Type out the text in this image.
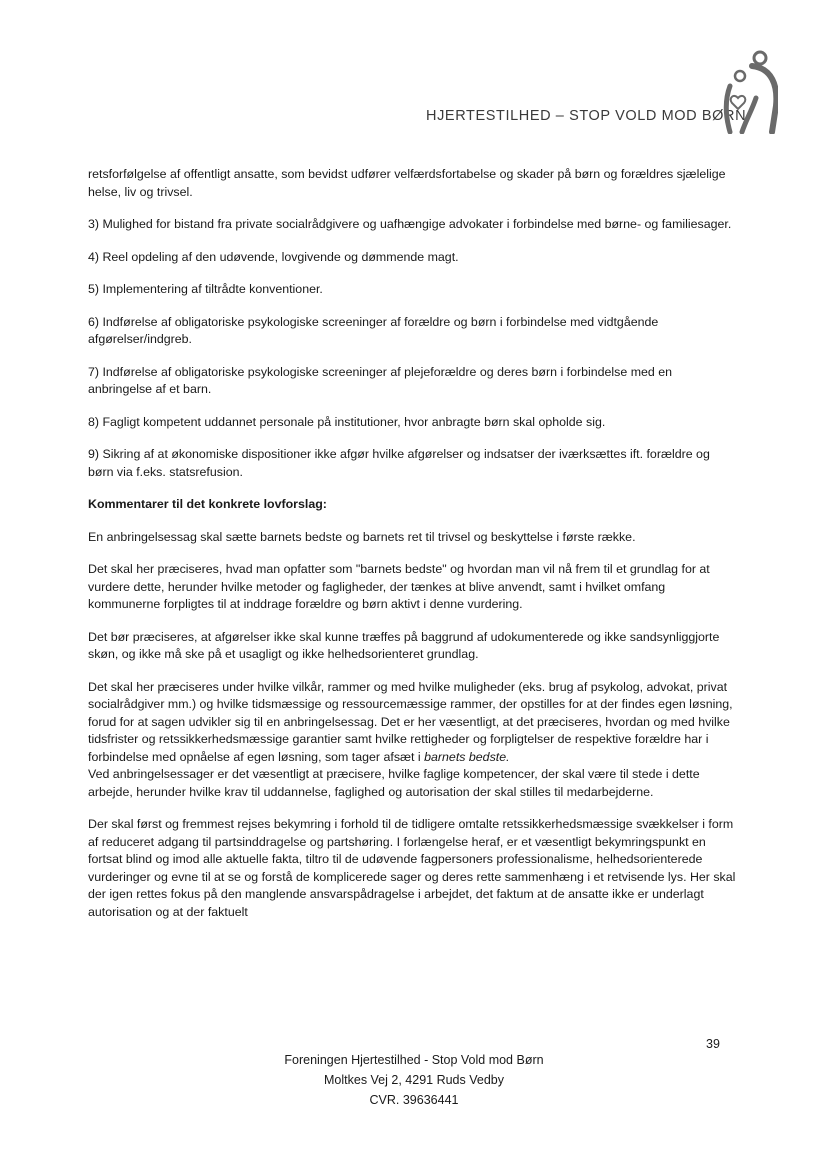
HJERTESTILHED – STOP VOLD MOD BØRN

retsforfølgelse af offentligt ansatte, som bevidst udfører velfærdsfortabelse og skader på børn og forældres sjælelige helse, liv og trivsel.

3) Mulighed for bistand fra private socialrådgivere og uafhængige advokater i forbindelse med børne- og familiesager.

4) Reel opdeling af den udøvende, lovgivende og dømmende magt.

5) Implementering af tiltrådte konventioner.

6) Indførelse af obligatoriske psykologiske screeninger af forældre og børn i forbindelse med vidtgående afgørelser/indgreb.

7) Indførelse af obligatoriske psykologiske screeninger af plejeforældre og deres børn i forbindelse med en anbringelse af et barn.

8) Fagligt kompetent uddannet personale på institutioner, hvor anbragte børn skal opholde sig.

9) Sikring af at økonomiske dispositioner ikke afgør hvilke afgørelser og indsatser der iværksættes ift. forældre og børn via f.eks. statsrefusion.

Kommentarer til det konkrete lovforslag:

En anbringelsessag skal sætte barnets bedste og barnets ret til trivsel og beskyttelse i første række.

Det skal her præciseres, hvad man opfatter som "barnets bedste" og hvordan man vil nå frem til et grundlag for at vurdere dette, herunder hvilke metoder og fagligheder, der tænkes at blive anvendt, samt i hvilket omfang kommunerne forpligtes til at inddrage forældre og børn aktivt i denne vurdering.

Det bør præciseres, at afgørelser ikke skal kunne træffes på baggrund af udokumenterede og ikke sandsynliggjorte skøn, og ikke må ske på et usagligt og ikke helhedsorienteret grundlag.

Det skal her præciseres under hvilke vilkår, rammer og med hvilke muligheder (eks. brug af psykolog, advokat, privat socialrådgiver mm.) og hvilke tidsmæssige og ressourcemæssige rammer, der opstilles for at der findes egen løsning, forud for at sagen udvikler sig til en anbringelsessag. Det er her væsentligt, at det præciseres, hvordan og med hvilke tidsfrister og retssikkerhedsmæssige garantier samt hvilke rettigheder og forpligtelser de respektive forældre har i forbindelse med opnåelse af egen løsning, som tager afsæt i barnets bedste.

Ved anbringelsessager er det væsentligt at præcisere, hvilke faglige kompetencer, der skal være til stede i dette arbejde, herunder hvilke krav til uddannelse, faglighed og autorisation der skal stilles til medarbejderne.

Der skal først og fremmest rejses bekymring i forhold til de tidligere omtalte retssikkerhedsmæssige svækkelser i form af reduceret adgang til partsinddragelse og partshøring. I forlængelse heraf, er et væsentligt bekymringspunkt en fortsat blind og imod alle aktuelle fakta, tiltro til de udøvende fagpersoners professionalisme, helhedsorienterede vurderinger og evne til at se og forstå de komplicerede sager og deres rette sammenhæng i et retvisende lys. Her skal der igen rettes fokus på den manglende ansvarspådragelse i arbejdet, det faktum at de ansatte ikke er underlagt autorisation og at der faktuelt

39
Foreningen Hjertestilhed - Stop Vold mod Børn
Moltkes Vej 2, 4291 Ruds Vedby
CVR. 39636441
